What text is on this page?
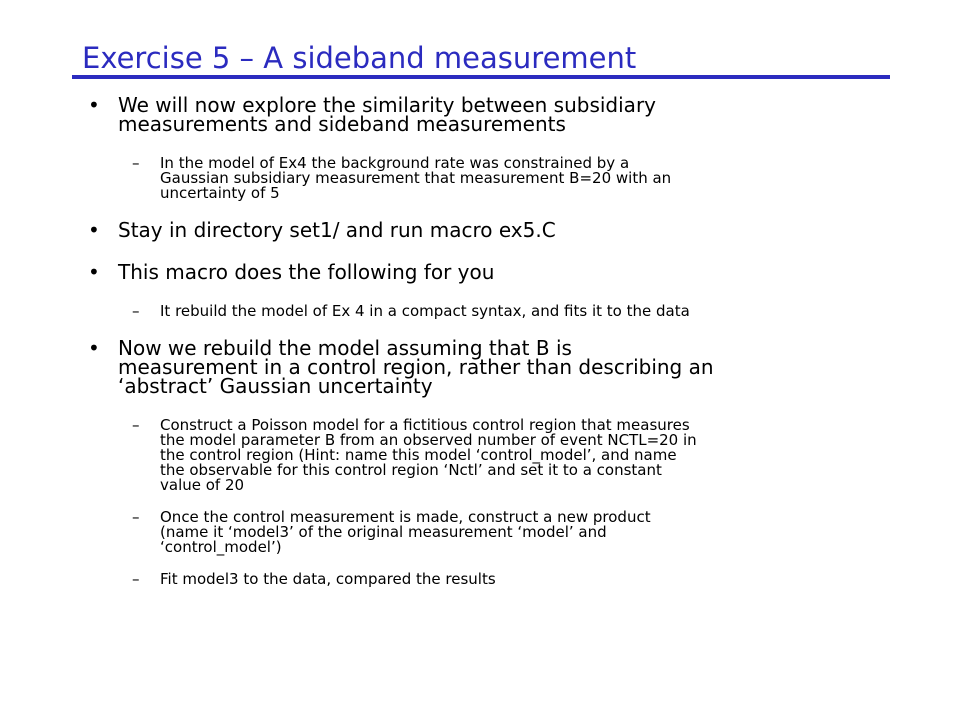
Exercise 5 – A sideband measurement
• We will now explore the similarity between subsidiary
measurements and sideband measurements
– In the model of Ex4 the background rate was constrained by a
Gaussian subsidiary measurement that measurement B=20 with an
uncertainty of 5
• Stay in directory set1/ and run macro ex5.C
• This macro does the following for you
– It rebuild the model of Ex 4 in a compact syntax, and fits it to the data
• Now we rebuild the model assuming that B is
measurement in a control region, rather than describing an
‘abstract’ Gaussian uncertainty
– Construct a Poisson model for a fictitious control region that measures
the model parameter B from an observed number of event NCTL=20 in
the control region (Hint: name this model ‘control_model’, and name
the observable for this control region ‘Nctl’ and set it to a constant
value of 20
– Once the control measurement is made, construct a new product
(name it ‘model3’ of the original measurement ‘model’ and
‘control_model’)
– Fit model3 to the data, compared the results
